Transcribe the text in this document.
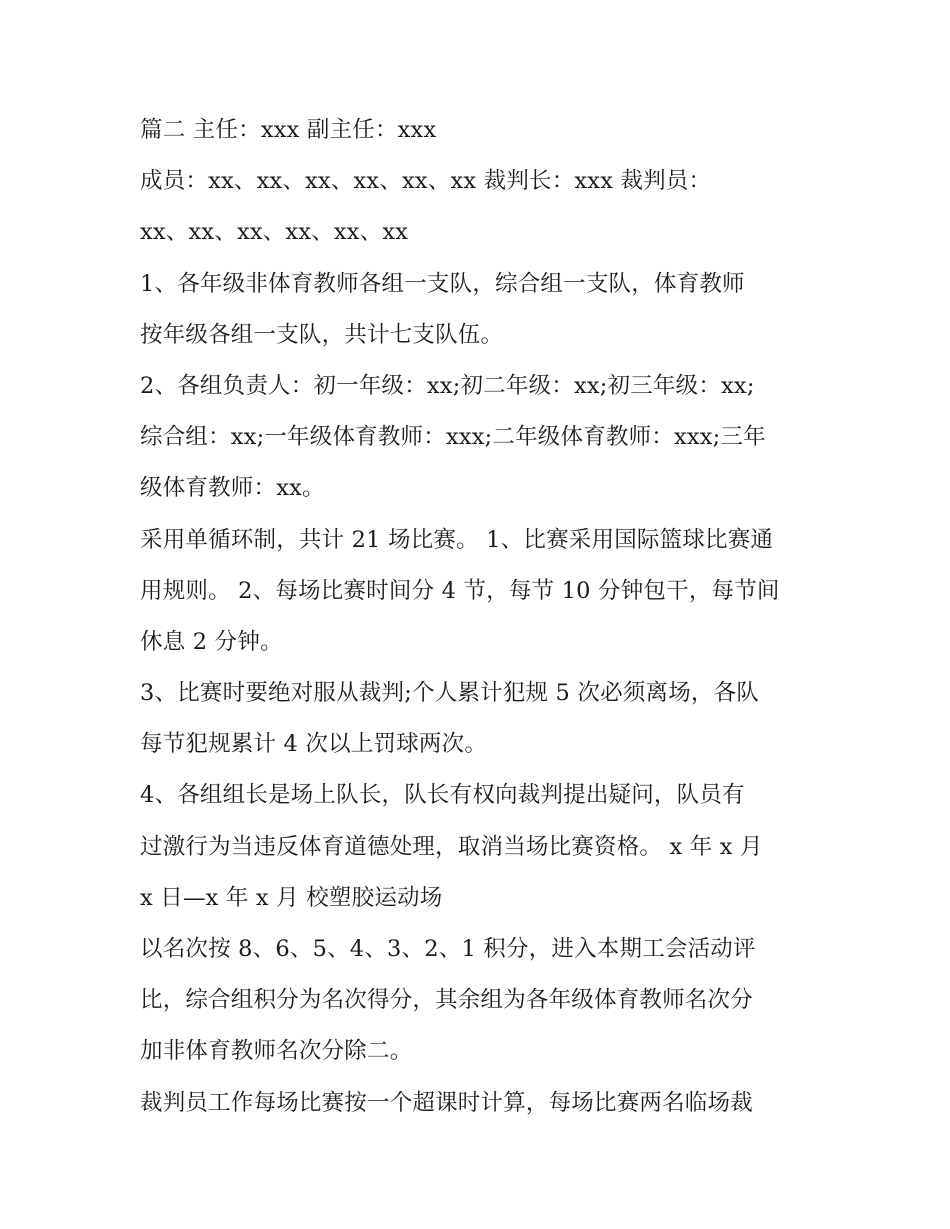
篇二 主任：xxx 副主任：xxx
成员：xx、xx、xx、xx、xx、xx 裁判长：xxx 裁判员：
xx、xx、xx、xx、xx、xx
1、各年级非体育教师各组一支队，综合组一支队，体育教师
按年级各组一支队，共计七支队伍。
2、各组负责人：初一年级：xx;初二年级：xx;初三年级：xx;
综合组：xx;一年级体育教师：xxx;二年级体育教师：xxx;三年
级体育教师：xx。
采用单循环制，共计 21 场比赛。 1、比赛采用国际篮球比赛通
用规则。 2、每场比赛时间分 4 节，每节 10 分钟包干，每节间
休息 2 分钟。
3、比赛时要绝对服从裁判;个人累计犯规 5 次必须离场，各队
每节犯规累计 4 次以上罚球两次。
4、各组组长是场上队长，队长有权向裁判提出疑问，队员有
过激行为当违反体育道德处理，取消当场比赛资格。 x 年 x 月
x 日—x 年 x 月 校塑胶运动场
以名次按 8、6、5、4、3、2、1 积分，进入本期工会活动评
比，综合组积分为名次得分，其余组为各年级体育教师名次分
加非体育教师名次分除二。
裁判员工作每场比赛按一个超课时计算，每场比赛两名临场裁
